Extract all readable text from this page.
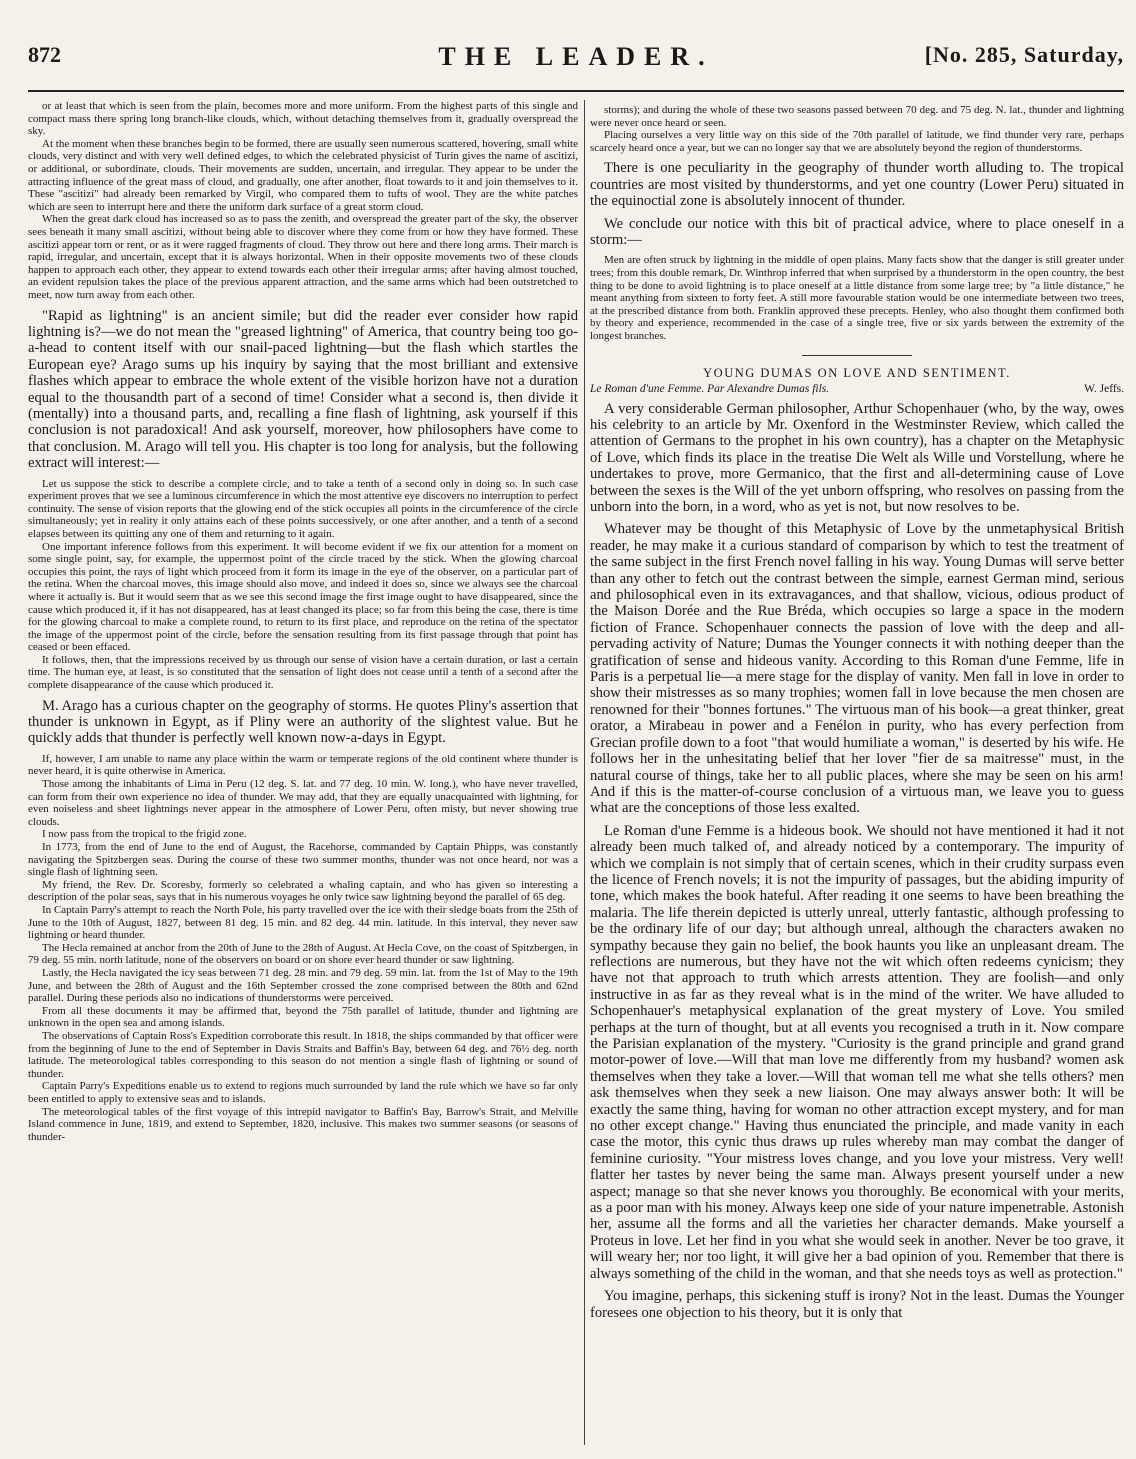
872	THE LEADER.	[No. 285, Saturday,

or at least that which is seen from the plain, becomes more and more uniform. From the highest parts of this single and compact mass there spring long branch-like clouds, which, without detaching themselves from it, gradually overspread the sky.

At the moment when these branches begin to be formed, there are usually seen numerous scattered, hovering, small white clouds, very distinct and with very well defined edges, to which the celebrated physicist of Turin gives the name of ascitizi, or additional, or subordinate, clouds. Their movements are sudden, uncertain, and irregular. They appear to be under the attracting influence of the great mass of cloud, and gradually, one after another, float towards to it and join themselves to it. These "ascitizi" had already been remarked by Virgil, who compared them to tufts of wool. They are the white patches which are seen to interrupt here and there the uniform dark surface of a great storm cloud.

When the great dark cloud has increased so as to pass the zenith, and overspread the greater part of the sky, the observer sees beneath it many small ascitizi, without being able to discover where they come from or how they have formed. These ascitizi appear torn or rent, or as it were ragged fragments of cloud. They throw out here and there long arms. Their march is rapid, irregular, and uncertain, except that it is always horizontal. When in their opposite movements two of these clouds happen to approach each other, they appear to extend towards each other their irregular arms; after having almost touched, an evident repulsion takes the place of the previous apparent attraction, and the same arms which had been outstretched to meet, now turn away from each other.

"Rapid as lightning" is an ancient simile; but did the reader ever consider how rapid lightning is?—we do not mean the "greased lightning" of America, that country being too go-a-head to content itself with our snail-paced lightning—but the flash which startles the European eye? Arago sums up his inquiry by saying that the most brilliant and extensive flashes which appear to embrace the whole extent of the visible horizon have not a duration equal to the thousandth part of a second of time! Consider what a second is, then divide it (mentally) into a thousand parts, and, recalling a fine flash of lightning, ask yourself if this conclusion is not paradoxical! And ask yourself, moreover, how philosophers have come to that conclusion. M. Arago will tell you. His chapter is too long for analysis, but the following extract will interest:—

Let us suppose the stick to describe a complete circle, and to take a tenth of a second only in doing so. In such case experiment proves that we see a luminous circumference in which the most attentive eye discovers no interruption to perfect continuity. The sense of vision reports that the glowing end of the stick occupies all points in the circumference of the circle simultaneously; yet in reality it only attains each of these points successively, or one after another, and a tenth of a second elapses between its quitting any one of them and returning to it again.

One important inference follows from this experiment. It will become evident if we fix our attention for a moment on some single point, say, for example, the uppermost point of the circle traced by the stick. When the glowing charcoal occupies this point, the rays of light which proceed from it form its image in the eye of the observer, on a particular part of the retina. When the charcoal moves, this image should also move, and indeed it does so, since we always see the charcoal where it actually is. But it would seem that as we see this second image the first image ought to have disappeared, since the cause which produced it, if it has not disappeared, has at least changed its place; so far from this being the case, there is time for the glowing charcoal to make a complete round, to return to its first place, and reproduce on the retina of the spectator the image of the uppermost point of the circle, before the sensation resulting from its first passage through that point has ceased or been effaced.

It follows, then, that the impressions received by us through our sense of vision have a certain duration, or last a certain time. The human eye, at least, is so constituted that the sensation of light does not cease until a tenth of a second after the complete disappearance of the cause which produced it.

M. Arago has a curious chapter on the geography of storms. He quotes Pliny's assertion that thunder is unknown in Egypt, as if Pliny were an authority of the slightest value. But he quickly adds that thunder is perfectly well known now-a-days in Egypt.

If, however, I am unable to name any place within the warm or temperate regions of the old continent where thunder is never heard, it is quite otherwise in America.

Those among the inhabitants of Lima in Peru (12 deg. S. lat. and 77 deg. 10 min. W. long.), who have never travelled, can form from their own experience no idea of thunder. We may add, that they are equally unacquainted with lightning, for even noiseless and sheet lightnings never appear in the atmosphere of Lower Peru, often misty, but never showing true clouds.

I now pass from the tropical to the frigid zone.

In 1773, from the end of June to the end of August, the Racehorse, commanded by Captain Phipps, was constantly navigating the Spitzbergen seas. During the course of these two summer months, thunder was not once heard, nor was a single flash of lightning seen.

My friend, the Rev. Dr. Scoresby, formerly so celebrated a whaling captain, and who has given so interesting a description of the polar seas, says that in his numerous voyages he only twice saw lightning beyond the parallel of 65 deg.

In Captain Parry's attempt to reach the North Pole, his party travelled over the ice with their sledge boats from the 25th of June to the 10th of August, 1827, between 81 deg. 15 min. and 82 deg. 44 min. latitude. In this interval, they never saw lightning or heard thunder.

The Hecla remained at anchor from the 20th of June to the 28th of August. At Hecla Cove, on the coast of Spitzbergen, in 79 deg. 55 min. north latitude, none of the observers on board or on shore ever heard thunder or saw lightning.

Lastly, the Hecla navigated the icy seas between 71 deg. 28 min. and 79 deg. 59 min. lat. from the 1st of May to the 19th June, and between the 28th of August and the 16th September crossed the zone comprised between the 80th and 62nd parallel. During these periods also no indications of thunderstorms were perceived.

From all these documents it may be affirmed that, beyond the 75th parallel of latitude, thunder and lightning are unknown in the open sea and among islands.

The observations of Captain Ross's Expedition corroborate this result. In 1818, the ships commanded by that officer were from the beginning of June to the end of September in Davis Straits and Baffin's Bay, between 64 deg. and 76½ deg. north latitude. The meteorological tables corresponding to this season do not mention a single flash of lightning or sound of thunder.

Captain Parry's Expeditions enable us to extend to regions much surrounded by land the rule which we have so far only been entitled to apply to extensive seas and to islands.

The meteorological tables of the first voyage of this intrepid navigator to Baffin's Bay, Barrow's Strait, and Melville Island commence in June, 1819, and extend to September, 1820, inclusive. This makes two summer seasons (or seasons of thunder-

storms); and during the whole of these two seasons passed between 70 deg. and 75 deg. N. lat., thunder and lightning were never once heard or seen.

Placing ourselves a very little way on this side of the 70th parallel of latitude, we find thunder very rare, perhaps scarcely heard once a year, but we can no longer say that we are absolutely beyond the region of thunderstorms.

There is one peculiarity in the geography of thunder worth alluding to. The tropical countries are most visited by thunderstorms, and yet one country (Lower Peru) situated in the equinoctial zone is absolutely innocent of thunder.

We conclude our notice with this bit of practical advice, where to place oneself in a storm:—

Men are often struck by lightning in the middle of open plains. Many facts show that the danger is still greater under trees; from this double remark, Dr. Winthrop inferred that when surprised by a thunderstorm in the open country, the best thing to be done to avoid lightning is to place oneself at a little distance from some large tree; by "a little distance," he meant anything from sixteen to forty feet. A still more favourable station would be one intermediate between two trees, at the prescribed distance from both. Franklin approved these precepts. Henley, who also thought them confirmed both by theory and experience, recommended in the case of a single tree, five or six yards between the extremity of the longest branches.

YOUNG DUMAS ON LOVE AND SENTIMENT.
Le Roman d'une Femme. Par Alexandre Dumas fils.	W. Jeffs.

A very considerable German philosopher, Arthur Schopenhauer (who, by the way, owes his celebrity to an article by Mr. Oxenford in the Westminster Review, which called the attention of Germans to the prophet in his own country), has a chapter on the Metaphysic of Love, which finds its place in the treatise Die Welt als Wille und Vorstellung, where he undertakes to prove, more Germanico, that the first and all-determining cause of Love between the sexes is the Will of the yet unborn offspring, who resolves on passing from the unborn into the born, in a word, who as yet is not, but now resolves to be.

Whatever may be thought of this Metaphysic of Love by the unmetaphysical British reader, he may make it a curious standard of comparison by which to test the treatment of the same subject in the first French novel falling in his way. Young Dumas will serve better than any other to fetch out the contrast between the simple, earnest German mind, serious and philosophical even in its extravagances, and that shallow, vicious, odious product of the Maison Dorée and the Rue Bréda, which occupies so large a space in the modern fiction of France. Schopenhauer connects the passion of love with the deep and all-pervading activity of Nature; Dumas the Younger connects it with nothing deeper than the gratification of sense and hideous vanity. According to this Roman d'une Femme, life in Paris is a perpetual lie—a mere stage for the display of vanity. Men fall in love in order to show their mistresses as so many trophies; women fall in love because the men chosen are renowned for their "bonnes fortunes." The virtuous man of his book—a great thinker, great orator, a Mirabeau in power and a Fenélon in purity, who has every perfection from Grecian profile down to a foot "that would humiliate a woman," is deserted by his wife. He follows her in the unhesitating belief that her lover "fier de sa maitresse" must, in the natural course of things, take her to all public places, where she may be seen on his arm! And if this is the matter-of-course conclusion of a virtuous man, we leave you to guess what are the conceptions of those less exalted.

Le Roman d'une Femme is a hideous book. We should not have mentioned it had it not already been much talked of, and already noticed by a contemporary. The impurity of which we complain is not simply that of certain scenes, which in their crudity surpass even the licence of French novels; it is not the impurity of passages, but the abiding impurity of tone, which makes the book hateful. After reading it one seems to have been breathing the malaria. The life therein depicted is utterly unreal, utterly fantastic, although professing to be the ordinary life of our day; but although unreal, although the characters awaken no sympathy because they gain no belief, the book haunts you like an unpleasant dream. The reflections are numerous, but they have not the wit which often redeems cynicism; they have not that approach to truth which arrests attention. They are foolish—and only instructive in as far as they reveal what is in the mind of the writer. We have alluded to Schopenhauer's metaphysical explanation of the great mystery of Love. You smiled perhaps at the turn of thought, but at all events you recognised a truth in it. Now compare the Parisian explanation of the mystery. "Curiosity is the grand principle and grand grand motor-power of love.—Will that man love me differently from my husband? women ask themselves when they take a lover.—Will that woman tell me what she tells others? men ask themselves when they seek a new liaison. One may always answer both: It will be exactly the same thing, having for woman no other attraction except mystery, and for man no other except change." Having thus enunciated the principle, and made vanity in each case the motor, this cynic thus draws up rules whereby man may combat the danger of feminine curiosity. "Your mistress loves change, and you love your mistress. Very well! flatter her tastes by never being the same man. Always present yourself under a new aspect; manage so that she never knows you thoroughly. Be economical with your merits, as a poor man with his money. Always keep one side of your nature impenetrable. Astonish her, assume all the forms and all the varieties her character demands. Make yourself a Proteus in love. Let her find in you what she would seek in another. Never be too grave, it will weary her; nor too light, it will give her a bad opinion of you. Remember that there is always something of the child in the woman, and that she needs toys as well as protection."

You imagine, perhaps, this sickening stuff is irony? Not in the least. Dumas the Younger foresees one objection to his theory, but it is only that
